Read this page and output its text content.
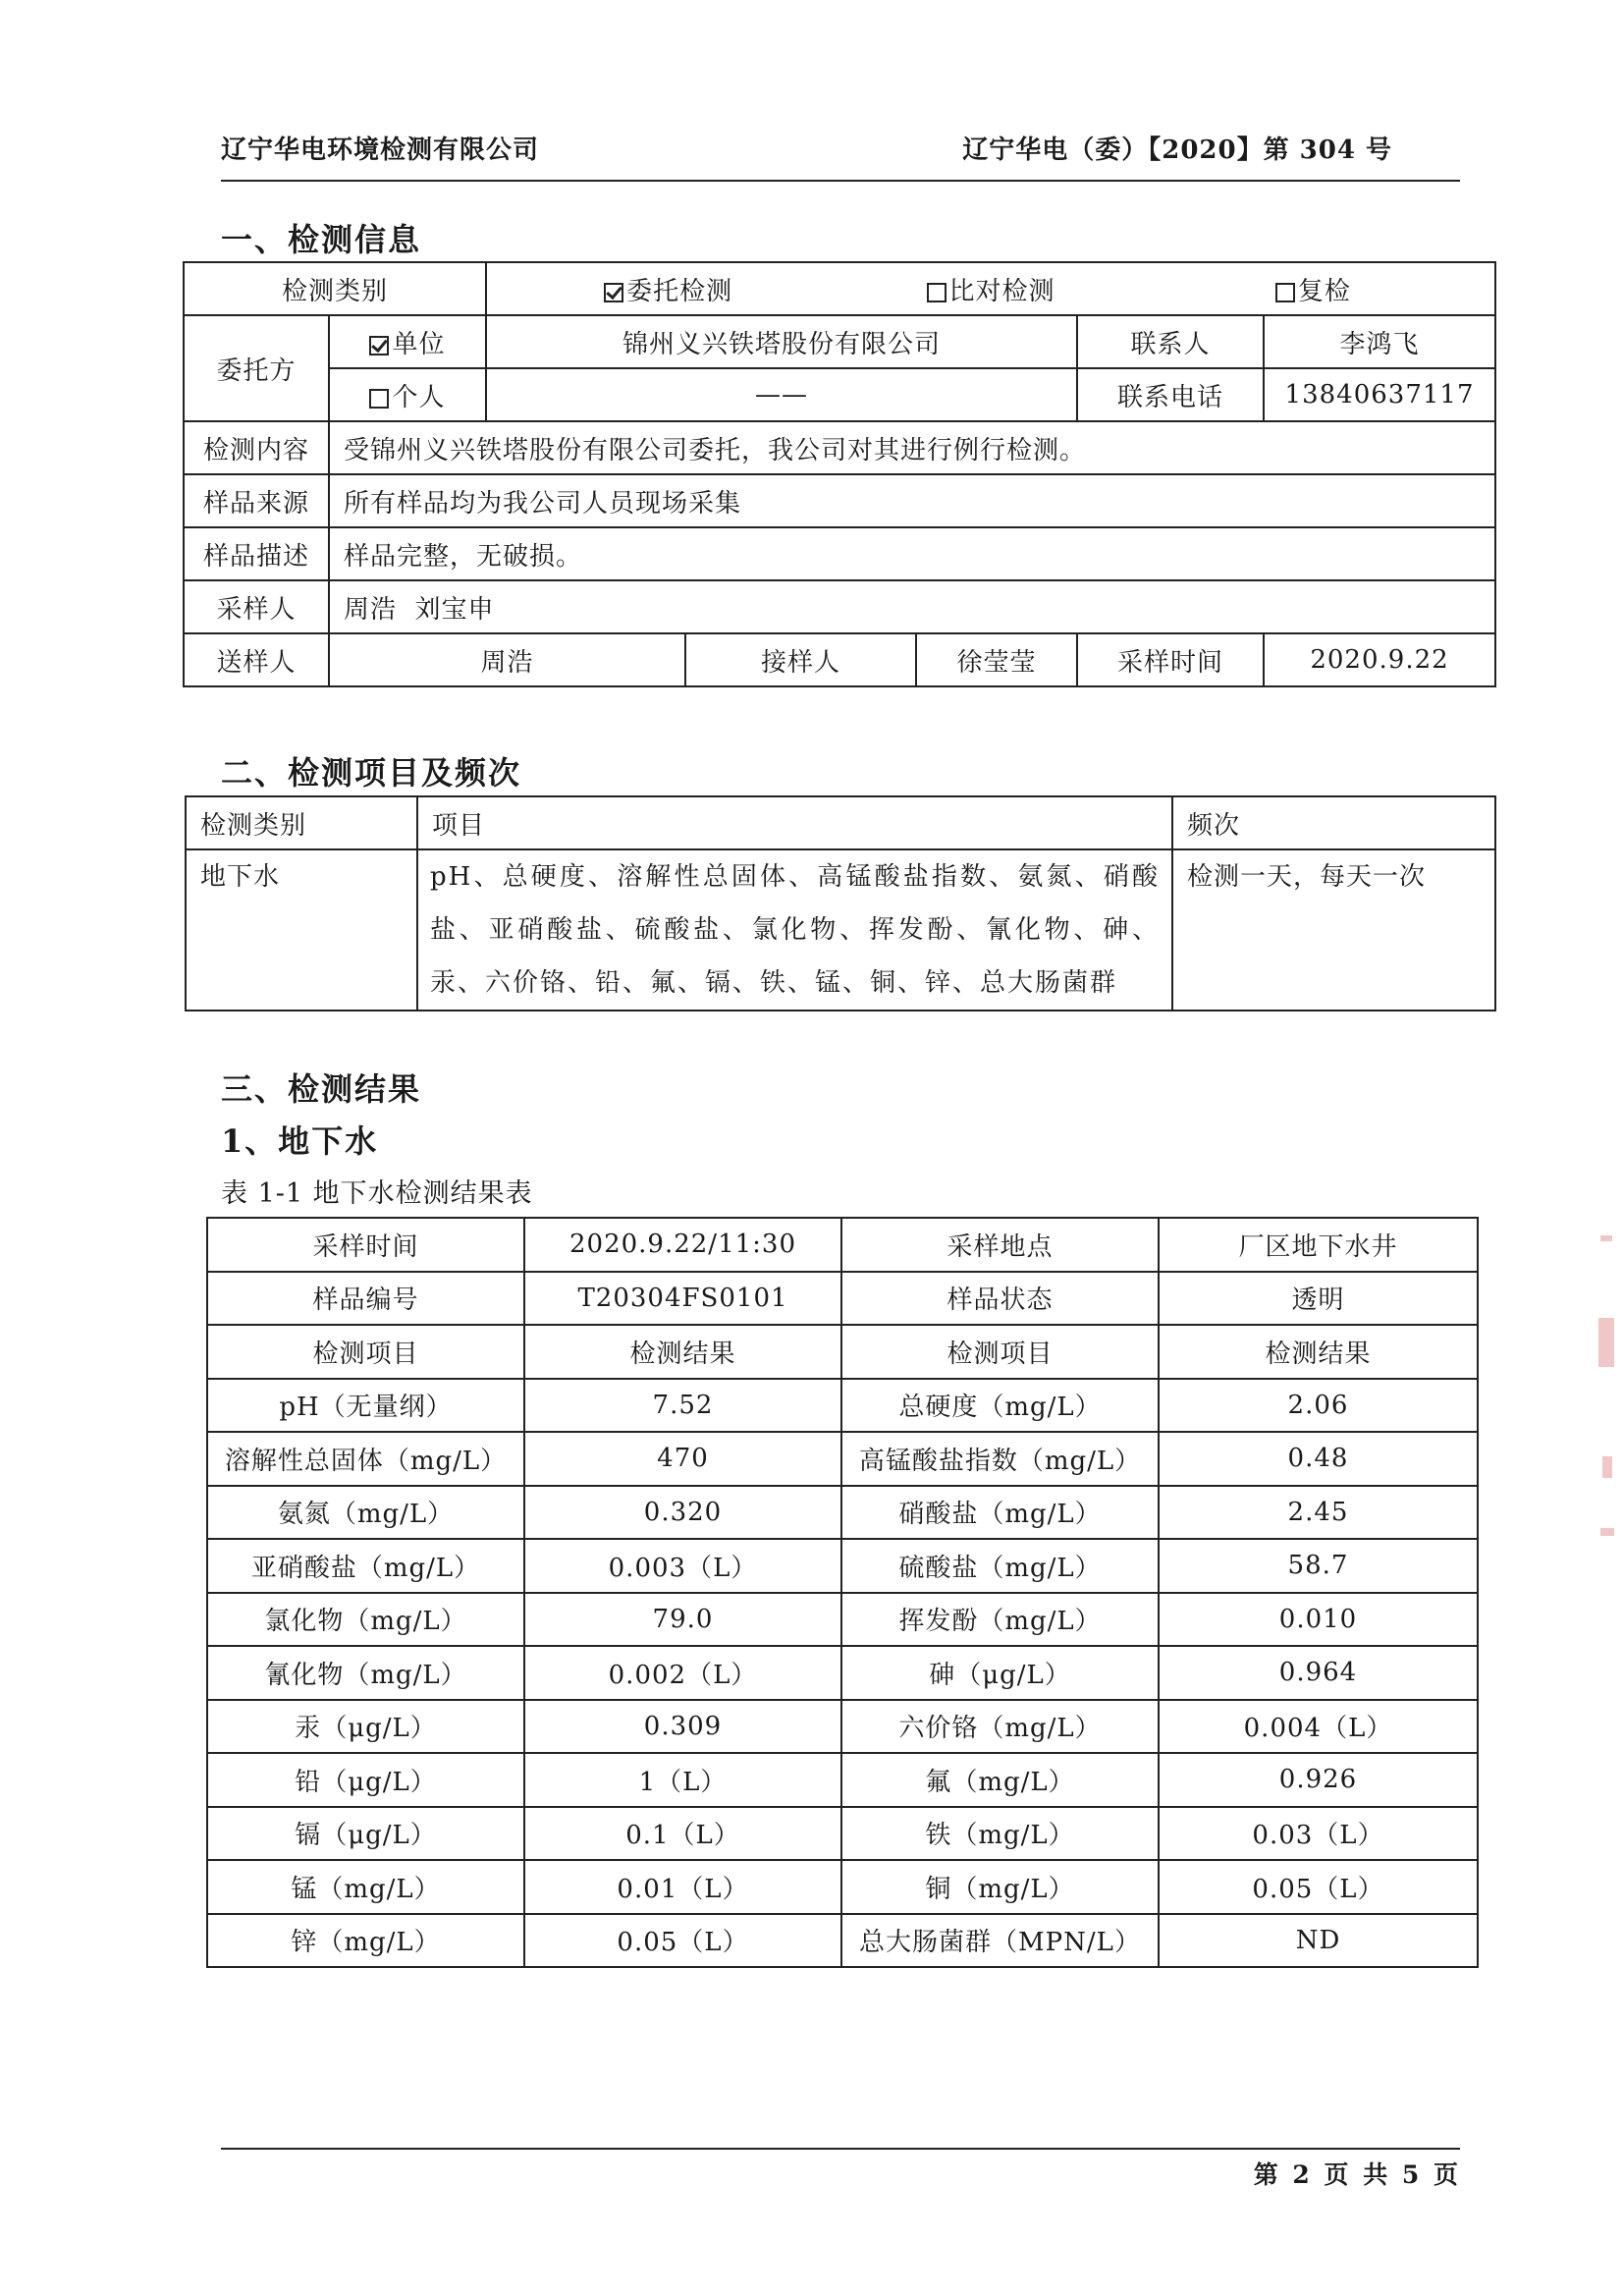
辽宁华电环境检测有限公司	辽宁华电（委）【2020】第 304 号
一、检测信息
检测类别		委托检测 比对检测 复检				
委托方	单位	锦州义兴铁塔股份有限公司			联系人	李鸿飞
	个人	——			联系电话	13840637117
检测内容	受锦州义兴铁塔股份有限公司委托，我公司对其进行例行检测。					
样品来源	所有样品均为我公司人员现场采集					
样品描述	样品完整，无破损。					
采样人	周浩  刘宝申					
送样人	周浩		接样人	徐莹莹	采样时间	2020.9.22
二、检测项目及频次
检测类别	项目	频次
地下水	pH、总硬度、溶解性总固体、高锰酸盐指数、氨氮、硝酸盐、亚硝酸盐、硫酸盐、氯化物、挥发酚、氰化物、砷、汞、六价铬、铅、氟、镉、铁、锰、铜、锌、总大肠菌群	检测一天，每天一次
三、检测结果
1、地下水
表 1-1 地下水检测结果表
采样时间	2020.9.22/11:30	采样地点	厂区地下水井
样品编号	T20304FS0101	样品状态	透明
检测项目	检测结果	检测项目	检测结果
pH（无量纲）	7.52	总硬度（mg/L）	2.06
溶解性总固体（mg/L）	470	高锰酸盐指数（mg/L）	0.48
氨氮（mg/L）	0.320	硝酸盐（mg/L）	2.45
亚硝酸盐（mg/L）	0.003（L）	硫酸盐（mg/L）	58.7
氯化物（mg/L）	79.0	挥发酚（mg/L）	0.010
氰化物（mg/L）	0.002（L）	砷（μg/L）	0.964
汞（μg/L）	0.309	六价铬（mg/L）	0.004（L）
铅（μg/L）	1（L）	氟（mg/L）	0.926
镉（μg/L）	0.1（L）	铁（mg/L）	0.03（L）
锰（mg/L）	0.01（L）	铜（mg/L）	0.05（L）
锌（mg/L）	0.05（L）	总大肠菌群（MPN/L）	ND
第 2 页 共 5 页
